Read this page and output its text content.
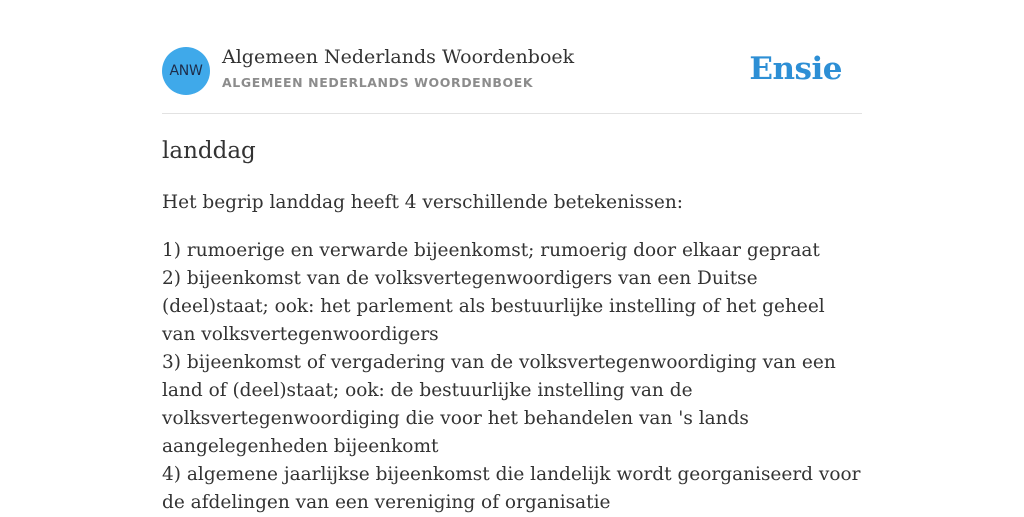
ANW
Algemeen Nederlands Woordenboek
ALGEMEEN NEDERLANDS WOORDENBOEK	Ensie
landdag

Het begrip landdag heeft 4 verschillende betekenissen:

1) rumoerige en verwarde bijeenkomst; rumoerig door elkaar gepraat
2) bijeenkomst van de volksvertegenwoordigers van een Duitse (deel)staat; ook: het parlement als bestuurlijke instelling of het geheel van volksvertegenwoordigers
3) bijeenkomst of vergadering van de volksvertegenwoordiging van een land of (deel)staat; ook: de bestuurlijke instelling van de volksvertegenwoordiging die voor het behandelen van 's lands aangelegenheden bijeenkomt
4) algemene jaarlijkse bijeenkomst die landelijk wordt georganiseerd voor de afdelingen van een vereniging of organisatie
